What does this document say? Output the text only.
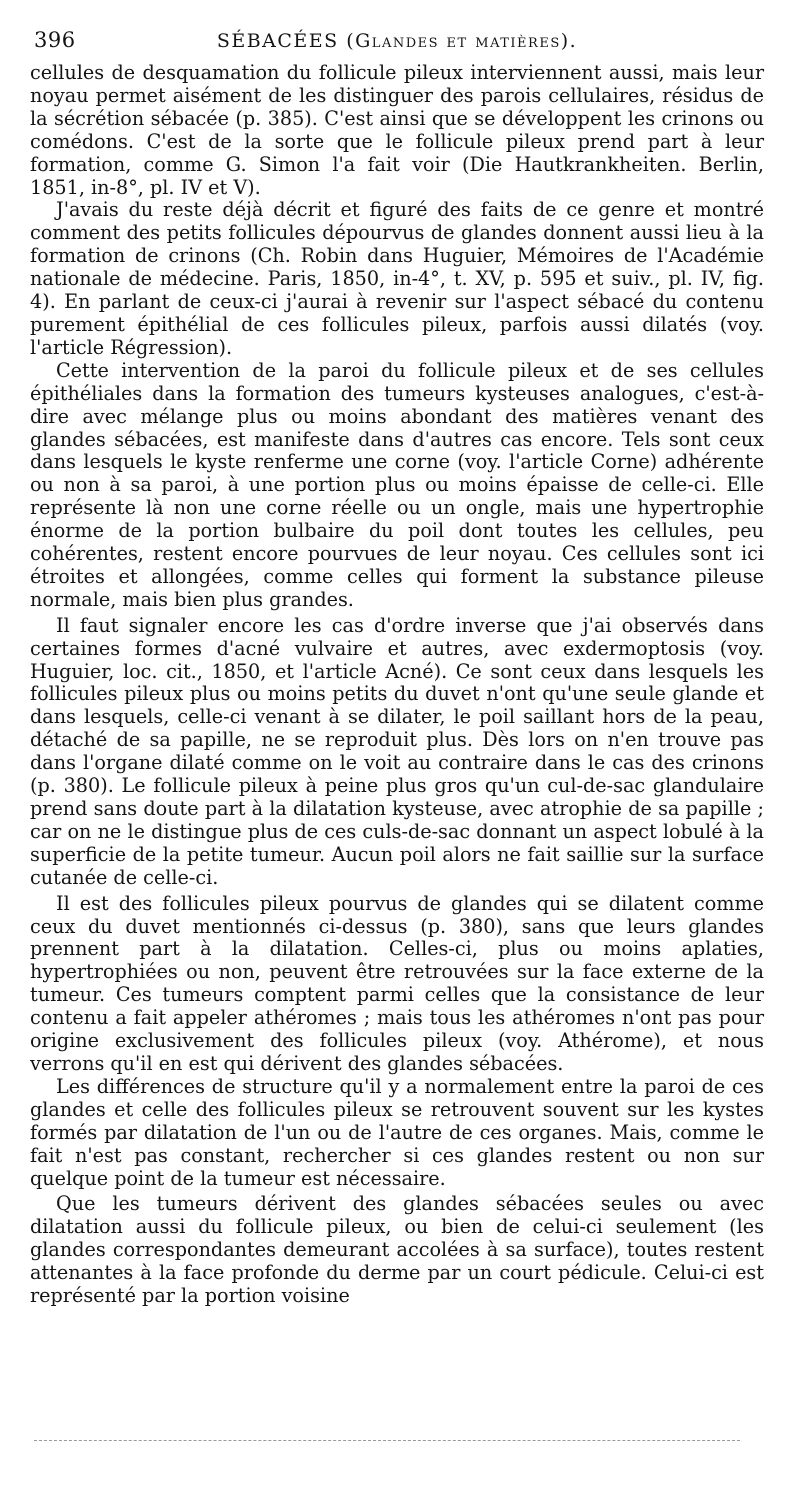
396	SÉBACÉES (Glandes et matières).

cellules de desquamation du follicule pileux interviennent aussi, mais leur noyau permet aisément de les distinguer des parois cellulaires, résidus de la sécrétion sébacée (p. 385). C'est ainsi que se développent les crinons ou comédons. C'est de la sorte que le follicule pileux prend part à leur formation, comme G. Simon l'a fait voir (Die Hautkrankheiten. Berlin, 1851, in-8°, pl. IV et V).

J'avais du reste déjà décrit et figuré des faits de ce genre et montré comment des petits follicules dépourvus de glandes donnent aussi lieu à la formation de crinons (Ch. Robin dans Huguier, Mémoires de l'Académie nationale de médecine. Paris, 1850, in-4°, t. XV, p. 595 et suiv., pl. IV, fig. 4). En parlant de ceux-ci j'aurai à revenir sur l'aspect sébacé du contenu purement épithélial de ces follicules pileux, parfois aussi dilatés (voy. l'article Régression).

Cette intervention de la paroi du follicule pileux et de ses cellules épithéliales dans la formation des tumeurs kysteuses analogues, c'est-à-dire avec mélange plus ou moins abondant des matières venant des glandes sébacées, est manifeste dans d'autres cas encore. Tels sont ceux dans lesquels le kyste renferme une corne (voy. l'article Corne) adhérente ou non à sa paroi, à une portion plus ou moins épaisse de celle-ci. Elle représente là non une corne réelle ou un ongle, mais une hypertrophie énorme de la portion bulbaire du poil dont toutes les cellules, peu cohérentes, restent encore pourvues de leur noyau. Ces cellules sont ici étroites et allongées, comme celles qui forment la substance pileuse normale, mais bien plus grandes.

Il faut signaler encore les cas d'ordre inverse que j'ai observés dans certaines formes d'acné vulvaire et autres, avec exdermoptosis (voy. Huguier, loc. cit., 1850, et l'article Acné). Ce sont ceux dans lesquels les follicules pileux plus ou moins petits du duvet n'ont qu'une seule glande et dans lesquels, celle-ci venant à se dilater, le poil saillant hors de la peau, détaché de sa papille, ne se reproduit plus. Dès lors on n'en trouve pas dans l'organe dilaté comme on le voit au contraire dans le cas des crinons (p. 380). Le follicule pileux à peine plus gros qu'un cul-de-sac glandulaire prend sans doute part à la dilatation kysteuse, avec atrophie de sa papille ; car on ne le distingue plus de ces culs-de-sac donnant un aspect lobulé à la superficie de la petite tumeur. Aucun poil alors ne fait saillie sur la surface cutanée de celle-ci.

Il est des follicules pileux pourvus de glandes qui se dilatent comme ceux du duvet mentionnés ci-dessus (p. 380), sans que leurs glandes prennent part à la dilatation. Celles-ci, plus ou moins aplaties, hypertrophiées ou non, peuvent être retrouvées sur la face externe de la tumeur. Ces tumeurs comptent parmi celles que la consistance de leur contenu a fait appeler athéromes ; mais tous les athéromes n'ont pas pour origine exclusivement des follicules pileux (voy. Athérome), et nous verrons qu'il en est qui dérivent des glandes sébacées.

Les différences de structure qu'il y a normalement entre la paroi de ces glandes et celle des follicules pileux se retrouvent souvent sur les kystes formés par dilatation de l'un ou de l'autre de ces organes. Mais, comme le fait n'est pas constant, rechercher si ces glandes restent ou non sur quelque point de la tumeur est nécessaire.

Que les tumeurs dérivent des glandes sébacées seules ou avec dilatation aussi du follicule pileux, ou bien de celui-ci seulement (les glandes correspondantes demeurant accolées à sa surface), toutes restent attenantes à la face profonde du derme par un court pédicule. Celui-ci est représenté par la portion voisine
